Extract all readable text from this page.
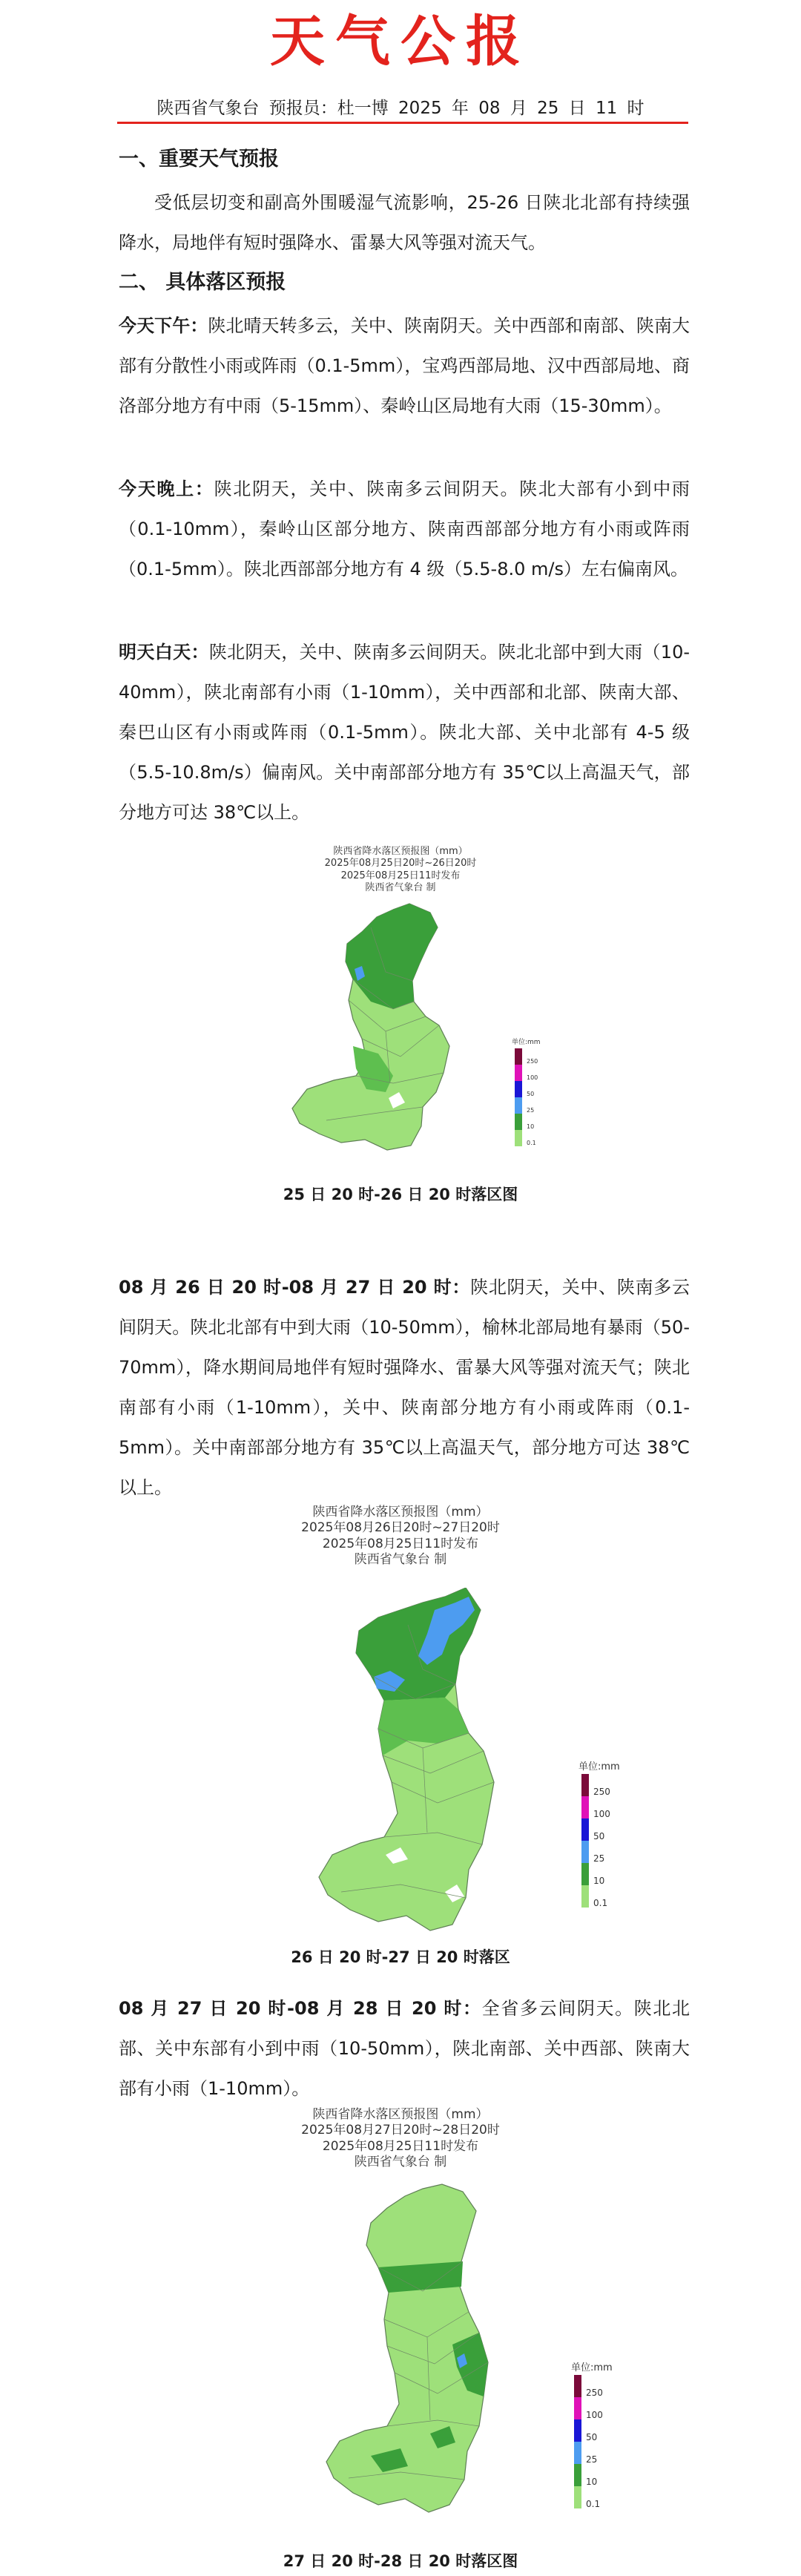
天气公报
陕西省气象台 预报员：杜一博 2025 年 08 月 25 日 11 时
一、重要天气预报

受低层切变和副高外围暖湿气流影响，25-26 日陕北北部有持续强降水，局地伴有短时强降水、雷暴大风等强对流天气。

二、 具体落区预报

今天下午：陕北晴天转多云，关中、陕南阴天。关中西部和南部、陕南大部有分散性小雨或阵雨（0.1-5mm），宝鸡西部局地、汉中西部局地、商洛部分地方有中雨（5-15mm）、秦岭山区局地有大雨（15-30mm）。

今天晚上：陕北阴天，关中、陕南多云间阴天。陕北大部有小到中雨（0.1-10mm），秦岭山区部分地方、陕南西部部分地方有小雨或阵雨（0.1-5mm）。陕北西部部分地方有 4 级（5.5-8.0 m/s）左右偏南风。

明天白天：陕北阴天，关中、陕南多云间阴天。陕北北部中到大雨（10-40mm），陕北南部有小雨（1-10mm），关中西部和北部、陕南大部、秦巴山区有小雨或阵雨（0.1-5mm）。陕北大部、关中北部有 4-5 级（5.5-10.8m/s）偏南风。关中南部部分地方有 35℃以上高温天气，部分地方可达 38℃以上。

陕西省降水落区预报图（mm）
2025年08月25日20时~26日20时
2025年08月25日11时发布
陕西省气象台 制
单位:mm
250
100
50
25
10
0.1
25 日 20 时-26 日 20 时落区图

08 月 26 日 20 时-08 月 27 日 20 时：陕北阴天，关中、陕南多云间阴天。陕北北部有中到大雨（10-50mm），榆林北部局地有暴雨（50-70mm），降水期间局地伴有短时强降水、雷暴大风等强对流天气；陕北南部有小雨（1-10mm），关中、陕南部分地方有小雨或阵雨（0.1-5mm）。关中南部部分地方有 35℃以上高温天气，部分地方可达 38℃以上。

陕西省降水落区预报图（mm）
2025年08月26日20时~27日20时
2025年08月25日11时发布
陕西省气象台 制
单位:mm
250
100
50
25
10
0.1
26 日 20 时-27 日 20 时落区

08 月 27 日 20 时-08 月 28 日 20 时：全省多云间阴天。陕北北部、关中东部有小到中雨（10-50mm），陕北南部、关中西部、陕南大部有小雨（1-10mm）。

陕西省降水落区预报图（mm）
2025年08月27日20时~28日20时
2025年08月25日11时发布
陕西省气象台 制
单位:mm
250
100
50
25
10
0.1
27 日 20 时-28 日 20 时落区图
